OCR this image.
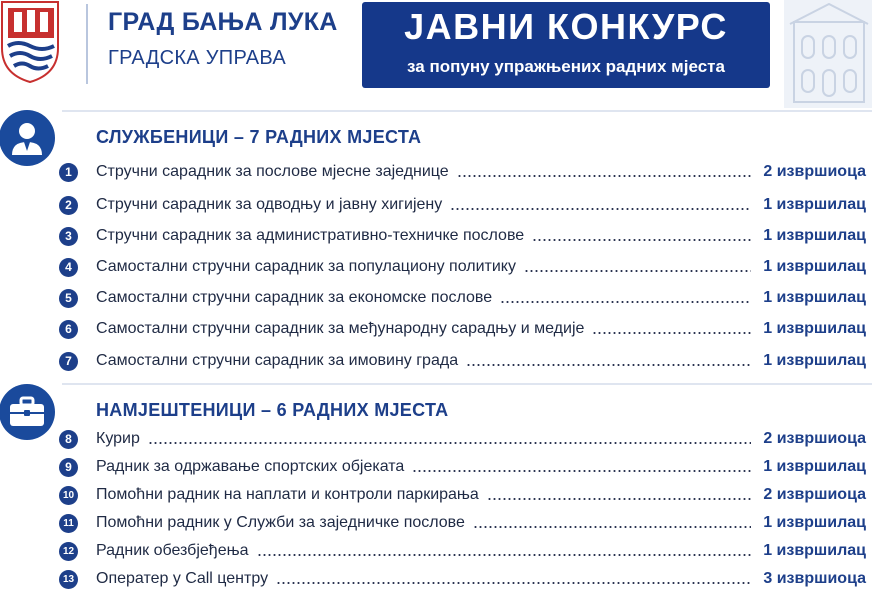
ГРАД БАЊА ЛУКА
ГРАДСКА УПРАВА
ЈАВНИ КОНКУРС
за попуну упражњених радних мјеста
СЛУЖБЕНИЦИ – 7 РАДНИХ МЈЕСТА
1	Стручни сарадник за послове мјесне заједнице	2 извршиоца
2	Стручни сарадник за одводњу и јавну хигијену	1 извршилац
3	Стручни сарадник за административно-техничке послове	1 извршилац
4	Самостални стручни сарадник за популациону политику	1 извршилац
5	Самостални стручни сарадник за економске послове	1 извршилац
6	Самостални стручни сарадник за међународну сарадњу и медије	1 извршилац
7	Самостални стручни сарадник за имовину града	1 извршилац
НАМЈЕШТЕНИЦИ – 6 РАДНИХ МЈЕСТА
8	Курир	2 извршиоца
9	Радник за одржавање спортских објеката	1 извршилац
10 Помоћни радник на наплати и контроли паркирања	2 извршиоца
11 Помоћни радник у Служби за заједничке послове	1 извршилац
12 Радник обезбјеђења	1 извршилац
13 Оператер у Call центру	3 извршиоца
